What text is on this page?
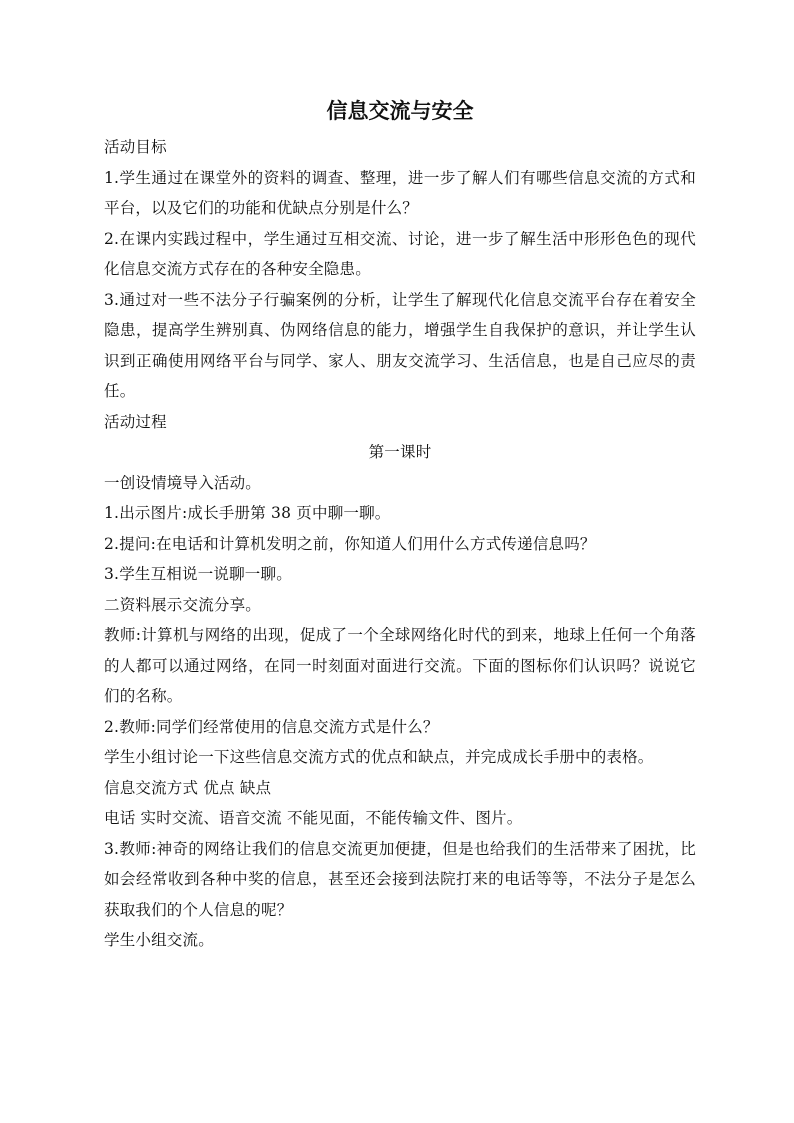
信息交流与安全

活动目标

1.学生通过在课堂外的资料的调查、整理，进一步了解人们有哪些信息交流的方式和平台，以及它们的功能和优缺点分别是什么？

2.在课内实践过程中，学生通过互相交流、讨论，进一步了解生活中形形色色的现代化信息交流方式存在的各种安全隐患。

3.通过对一些不法分子行骗案例的分析，让学生了解现代化信息交流平台存在着安全隐患，提高学生辨别真、伪网络信息的能力，增强学生自我保护的意识，并让学生认识到正确使用网络平台与同学、家人、朋友交流学习、生活信息，也是自己应尽的责任。

活动过程

第一课时

一创设情境导入活动。

1.出示图片:成长手册第 38 页中聊一聊。

2.提问:在电话和计算机发明之前，你知道人们用什么方式传递信息吗？

3.学生互相说一说聊一聊。

二资料展示交流分享。

教师:计算机与网络的出现，促成了一个全球网络化时代的到来，地球上任何一个角落的人都可以通过网络，在同一时刻面对面进行交流。下面的图标你们认识吗？说说它们的名称。

2.教师:同学们经常使用的信息交流方式是什么？

学生小组讨论一下这些信息交流方式的优点和缺点，并完成成长手册中的表格。

信息交流方式 优点 缺点

电话 实时交流、语音交流 不能见面，不能传输文件、图片。

3.教师:神奇的网络让我们的信息交流更加便捷，但是也给我们的生活带来了困扰，比如会经常收到各种中奖的信息，甚至还会接到法院打来的电话等等，不法分子是怎么获取我们的个人信息的呢？

学生小组交流。
